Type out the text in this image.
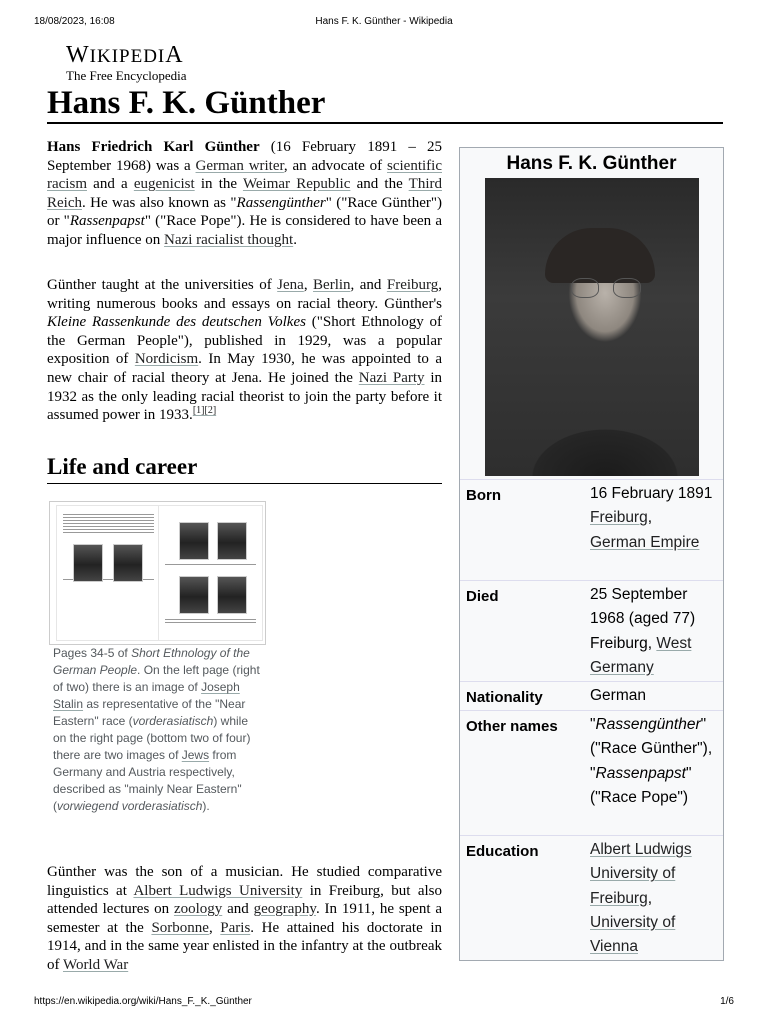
18/08/2023, 16:08	Hans F. K. Günther - Wikipedia
WIKIPEDIA
The Free Encyclopedia
Hans F. K. Günther

Hans Friedrich Karl Günther (16 February 1891 – 25 September 1968) was a German writer, an advocate of scientific racism and a eugenicist in the Weimar Republic and the Third Reich. He was also known as "Rassengünther" ("Race Günther") or "Rassenpapst" ("Race Pope"). He is considered to have been a major influence on Nazi racialist thought.

Günther taught at the universities of Jena, Berlin, and Freiburg, writing numerous books and essays on racial theory. Günther's Kleine Rassenkunde des deutschen Volkes ("Short Ethnology of the German People"), published in 1929, was a popular exposition of Nordicism. In May 1930, he was appointed to a new chair of racial theory at Jena. He joined the Nazi Party in 1932 as the only leading racial theorist to join the party before it assumed power in 1933.[1][2]

Life and career
Pages 34-5 of Short Ethnology of the German People. On the left page (right of two) there is an image of Joseph Stalin as representative of the "Near Eastern" race (vorderasiatisch) while on the right page (bottom two of four) there are two images of Jews from Germany and Austria respectively, described as "mainly Near Eastern" (vorwiegend vorderasiatisch).

Günther was the son of a musician. He studied comparative linguistics at Albert Ludwigs University in Freiburg, but also attended lectures on zoology and geography. In 1911, he spent a semester at the Sorbonne, Paris. He attained his doctorate in 1914, and in the same year enlisted in the infantry at the outbreak of World War

Hans F. K. Günther
Born	16 February 1891
Freiburg,
German Empire
Died	25 September 1968 (aged 77)
Freiburg, West Germany
Nationality	German
Other names "Rassengünther" ("Race Günther"), "Rassenpapst" ("Race Pope")
Education	Albert Ludwigs University of Freiburg,
University of Vienna
https://en.wikipedia.org/wiki/Hans_F._K._Günther	1/6
